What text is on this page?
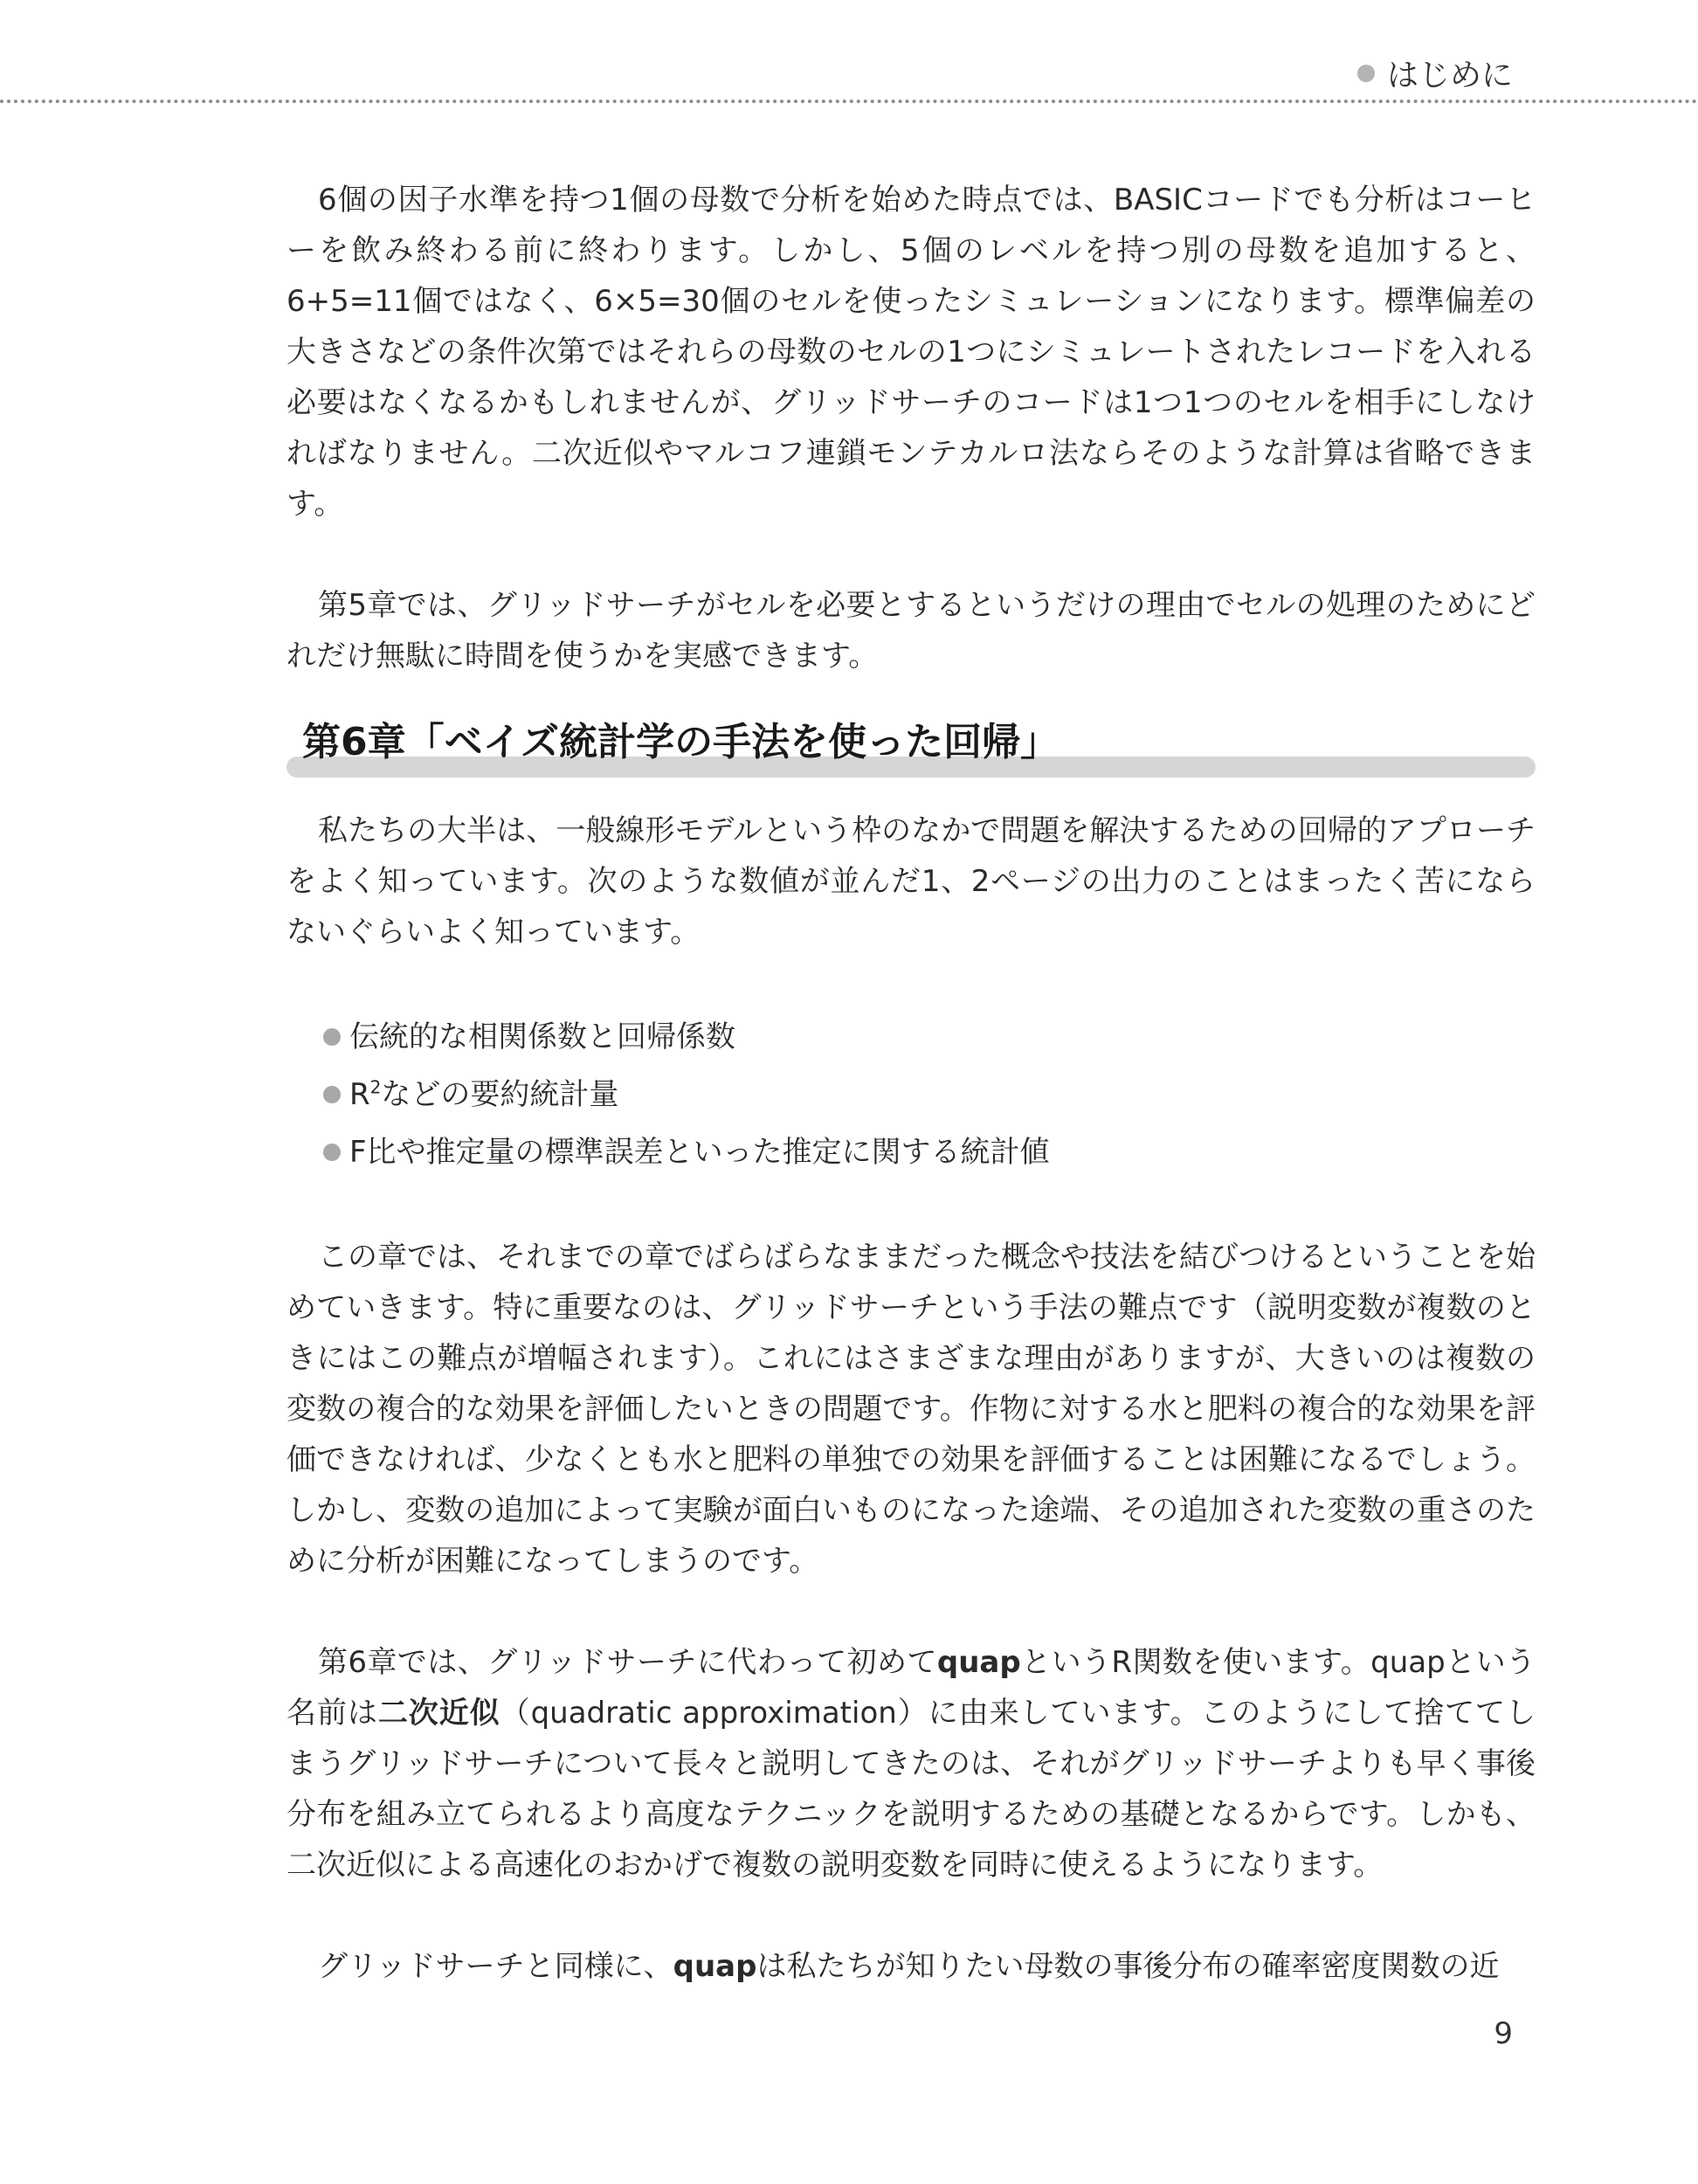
はじめに

6個の因子水準を持つ1個の母数で分析を始めた時点では、BASICコードでも分析はコーヒーを飲み終わる前に終わります。しかし、5個のレベルを持つ別の母数を追加すると、6+5=11個ではなく、6×5=30個のセルを使ったシミュレーションになります。標準偏差の大きさなどの条件次第ではそれらの母数のセルの1つにシミュレートされたレコードを入れる必要はなくなるかもしれませんが、グリッドサーチのコードは1つ1つのセルを相手にしなければなりません。二次近似やマルコフ連鎖モンテカルロ法ならそのような計算は省略できます。

第5章では、グリッドサーチがセルを必要とするというだけの理由でセルの処理のためにどれだけ無駄に時間を使うかを実感できます。

第6章「ベイズ統計学の手法を使った回帰」

私たちの大半は、一般線形モデルという枠のなかで問題を解決するための回帰的アプローチをよく知っています。次のような数値が並んだ1、2ページの出力のことはまったく苦にならないぐらいよく知っています。

伝統的な相関係数と回帰係数
$R^2$などの要約統計量
F比や推定量の標準誤差といった推定に関する統計値

この章では、それまでの章でばらばらなままだった概念や技法を結びつけるということを始めていきます。特に重要なのは、グリッドサーチという手法の難点です（説明変数が複数のときにはこの難点が増幅されます）。これにはさまざまな理由がありますが、大きいのは複数の変数の複合的な効果を評価したいときの問題です。作物に対する水と肥料の複合的な効果を評価できなければ、少なくとも水と肥料の単独での効果を評価することは困難になるでしょう。しかし、変数の追加によって実験が面白いものになった途端、その追加された変数の重さのために分析が困難になってしまうのです。

第6章では、グリッドサーチに代わって初めてquapというR関数を使います。quapという名前は二次近似（quadratic approximation）に由来しています。このようにして捨ててしまうグリッドサーチについて長々と説明してきたのは、それがグリッドサーチよりも早く事後分布を組み立てられるより高度なテクニックを説明するための基礎となるからです。しかも、二次近似による高速化のおかげで複数の説明変数を同時に使えるようになります。

グリッドサーチと同様に、quapは私たちが知りたい母数の事後分布の確率密度関数の近

9
